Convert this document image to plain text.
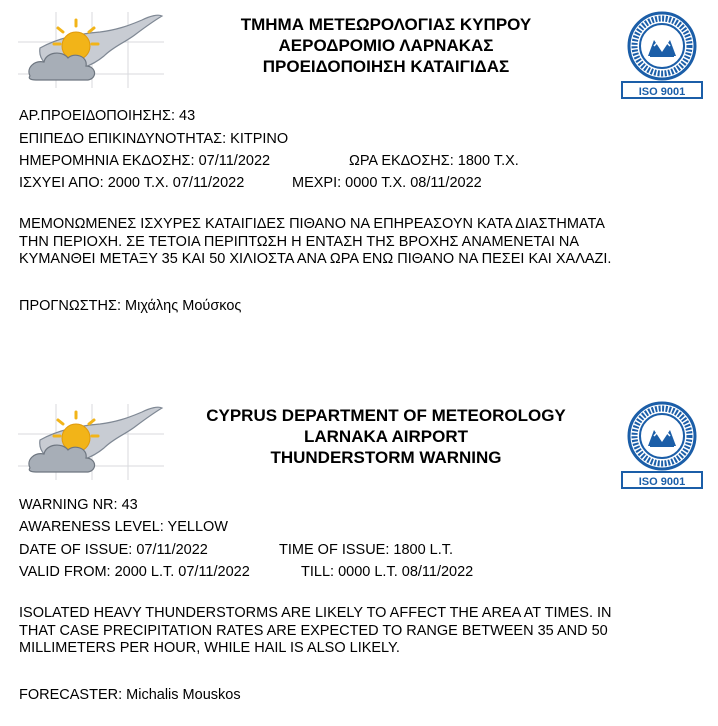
ΤΜΗΜΑ ΜΕΤΕΩΡΟΛΟΓΙΑΣ ΚΥΠΡΟΥ
ΑΕΡΟΔΡΟΜΙΟ ΛΑΡΝΑΚΑΣ
ΠΡΟΕΙΔΟΠΟΙΗΣΗ ΚΑΤΑΙΓΙΔΑΣ
ISO 9001
ΑΡ.ΠΡΟΕΙΔΟΠΟΙΗΣΗΣ: 43
ΕΠΙΠΕΔΟ ΕΠΙΚΙΝΔΥΝΟΤΗΤΑΣ: ΚΙΤΡΙΝΟ
ΗΜΕΡΟΜΗΝΙΑ ΕΚΔΟΣΗΣ: 07/11/2022	ΩΡΑ ΕΚΔΟΣΗΣ: 1800 Τ.Χ.
ΙΣΧΥΕΙ ΑΠΟ: 2000 Τ.Χ. 07/11/2022	ΜΕΧΡΙ: 0000 Τ.Χ. 08/11/2022
ΜΕΜΟΝΩΜΕΝΕΣ ΙΣΧΥΡΕΣ ΚΑΤΑΙΓΙΔΕΣ ΠΙΘΑΝΟ ΝΑ ΕΠΗΡΕΑΣΟΥΝ ΚΑΤΑ ΔΙΑΣΤΗΜΑΤΑ
ΤΗΝ ΠΕΡΙΟΧΗ. ΣΕ ΤΕΤΟΙΑ ΠΕΡΙΠΤΩΣΗ Η ΕΝΤΑΣΗ ΤΗΣ ΒΡΟΧΗΣ ΑΝΑΜΕΝΕΤΑΙ ΝΑ
ΚΥΜΑΝΘΕΙ ΜΕΤΑΞΥ 35 ΚΑΙ 50 ΧΙΛΙΟΣΤΑ ΑΝΑ ΩΡΑ ΕΝΩ ΠΙΘΑΝΟ ΝΑ ΠΕΣΕΙ ΚΑΙ ΧΑΛΑΖΙ.
ΠΡΟΓΝΩΣΤΗΣ: Μιχάλης Μούσκος
CYPRUS DEPARTMENT OF METEOROLOGY
LARNAKA AIRPORT
THUNDERSTORM WARNING
ISO 9001
WARNING NR: 43
AWARENESS LEVEL: YELLOW
DATE OF ISSUE: 07/11/2022	TIME OF ISSUE: 1800 L.T.
VALID FROM: 2000 L.T. 07/11/2022	TILL: 0000 L.T. 08/11/2022
ISOLATED HEAVY THUNDERSTORMS ARE LIKELY TO AFFECT THE AREA AT TIMES. IN
THAT CASE PRECIPITATION RATES ARE EXPECTED TO RANGE BETWEEN 35 AND 50
MILLIMETERS PER HOUR, WHILE HAIL IS ALSO LIKELY.
FORECASTER: Michalis Mouskos
